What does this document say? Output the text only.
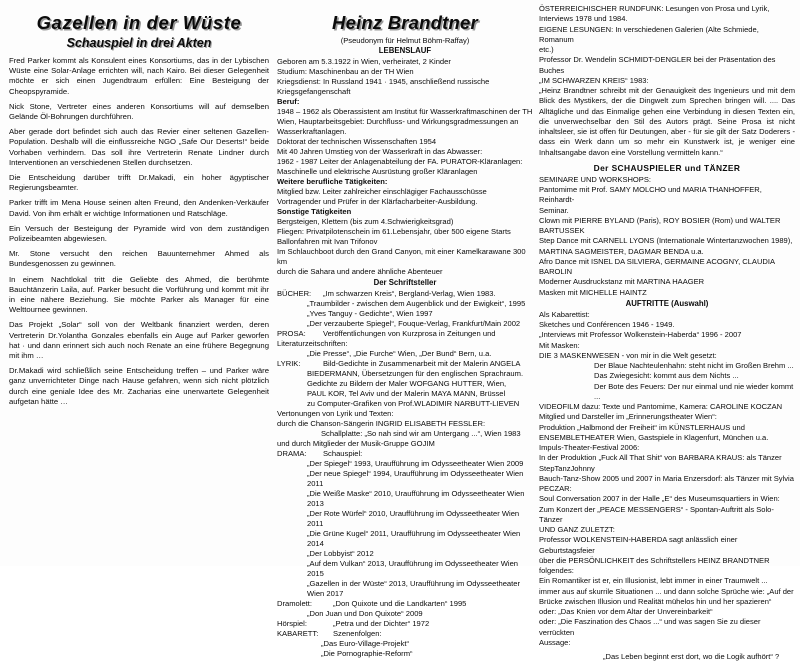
Gazellen in der Wüste
Schauspiel in drei Akten

Fred Parker kommt als Konsulent eines Konsortiums, das in der Lybischen Wüste eine Solar-Anlage errichten will, nach Kairo. Bei dieser Gelegenheit möchte er sich einen Jugendtraum erfüllen: Eine Besteigung der Cheopspyramide.

Nick Stone, Vertreter eines anderen Konsortiums will auf demselben Gelände Öl-Bohrungen durchführen.

Aber gerade dort befindet sich auch das Revier einer seltenen Gazellen-Population. Deshalb will die einflussreiche NGO „Safe Our Deserts!“ beide Vorhaben verhindern. Das soll ihre Vertreterin Renate Lindner durch Interventionen an verschiedenen Stellen durchsetzen.

Die Entscheidung darüber trifft Dr.Makadi, ein hoher ägyptischer Regierungsbeamter.

Parker trifft im Mena House seinen alten Freund, den Andenken-Verkäufer David. Von ihm erhält er wichtige Informationen und Ratschläge.

Ein Versuch der Besteigung der Pyramide wird von dem zuständigen Polizeibeamten abgewiesen.

Mr. Stone versucht den reichen Bauunternehmer Ahmed als Bundesgenossen zu gewinnen.

In einem Nachtlokal tritt die Geliebte des Ahmed, die berühmte Bauchtänzerin Laila, auf. Parker besucht die Vorführung und kommt mit ihr in eine nähere Beziehung. Sie möchte Parker als Manager für eine Welttournee gewinnen.

Das Projekt „Solar“ soll von der Weltbank finanziert werden, deren Vertreterin Dr.Yolantha Gonzales ebenfalls ein Auge auf Parker geworfen hat · und dann erinnert sich auch noch Renate an eine frühere Begegnung mit ihm …

Dr.Makadi wird schließlich seine Entscheidung treffen – und Parker wäre ganz unverrichteter Dinge nach Hause gefahren, wenn sich nicht plötzlich durch eine geniale Idee des Mr. Zacharias eine unerwartete Gelegenheit aufgetan hätte …

Heinz Brandtner
(Pseudonym für Helmut Böhm-Raffay)
LEBENSLAUF
Geboren am 5.3.1922 in Wien, verheiratet, 2 Kinder
Studium: Maschinenbau an der TH Wien
Kriegsdienst: In Russland 1941 · 1945, anschließend russische
Kriegsgefangenschaft
Beruf:
1948 – 1962 als Oberassistent am Institut für Wasserkraftmaschinen der TH
Wien, Hauptarbeitsgebiet: Durchfluss- und Wirkungsgradmessungen an
Wasserkraftanlagen.
Doktorat der technischen Wissenschaften 1954
Mit 40 Jahren Umstieg von der Wasserkraft in das Abwasser:
1962 - 1987 Leiter der Anlagenabteilung der FA. PURATOR-Kläranlagen:
Maschinelle und elektrische Ausrüstung großer Kläranlagen
Weitere berufliche Tätigkeiten:
Mitglied bzw. Leiter zahlreicher einschlägiger Fachausschüsse
Vortragender und Prüfer in der Klärfacharbeiter-Ausbildung.
Sonstige Tätigkeiten
Bergsteigen, Klettern (bis zum 4.Schwierigkeitsgrad)
Fliegen: Privatpilotenschein im 61.Lebensjahr, über 500 eigene Starts
Ballonfahren mit Ivan Trifonov
Im Schlauchboot durch den Grand Canyon, mit einer Kamelkarawane 300 km
durch die Sahara und andere ähnliche Abenteuer
Der Schriftsteller
BÜCHER:	„Im schwarzen Kreis“, Bergland-Verlag, Wien 1983.
„Traumbilder - zwischen dem Augenblick und der Ewigkeit“, 1995
„Yves Tanguy - Gedichte“, Wien 1997
„Der verzauberte Spiegel“, Fouque-Verlag, Frankfurt/Main 2002
PROSA:	Veröffentlichungen von Kurzprosa in Zeitungen und
Literaturzeitschriften:
„Die Presse“, „Die Furche“ Wien, „Der Bund“ Bern, u.a.
LYRIK:	Bild-Gedichte in Zusammenarbeit mit der Malerin ANGELA
BIEDERMANN, Übersetzungen für den englischen Sprachraum.
Gedichte zu Bildern der Maler WOFGANG HUTTER, Wien,
PAUL KOR, Tel Aviv und der Malerin MAYA MANN, Brüssel
zu Computer-Grafiken von Prof.WLADIMIR NARBUTT-LIEVEN
Vertonungen von Lyrik und Texten:
durch die Chanson-Sängerin INGRID ELISABETH FESSLER:
Schallplatte: „So nah sind wir am Untergang ...“, Wien 1983
und durch Mitglieder der Musik-Gruppe GOJIM
DRAMA:	Schauspiel:
„Der Spiegel“ 1993, Uraufführung im Odysseetheater Wien 2009
„Der neue Spiegel“ 1994, Uraufführung im Odysseetheater Wien 2011
„Die Weiße Maske“ 2010, Uraufführung im Odysseetheater Wien 2013
„Der Rote Würfel“ 2010, Uraufführung im Odysseetheater Wien 2011
„Die Grüne Kugel“ 2011, Uraufführung im Odysseetheater Wien 2014
„Der Lobbyist“ 2012
„Auf dem Vulkan“ 2013, Uraufführung im Odysseetheater Wien 2015
„Gazellen in der Wüste“ 2013, Uraufführung im Odysseetheater Wien 2017
Dramolett:	„Don Quixote und die Landkarten“ 1995
„Don Juan und Don Quixote“ 2009
Hörspiel:	„Petra und der Dichter“ 1972
KABARETT:	Szenenfolgen:
„Das Euro-Village-Projekt“
„Die Pornographie-Reform“
ÖSTERREICHISCHER RUNDFUNK: Lesungen von Prosa und Lyrik,
Interviews 1978 und 1984.
EIGENE LESUNGEN: In verschiedenen Galerien (Alte Schmiede, Romanum
etc.)
Professor Dr. Wendelin SCHMIDT-DENGLER bei der Präsentation des Buches
„IM SCHWARZEN KREIS“ 1983:

„Heinz Brandtner schreibt mit der Genauigkeit des Ingenieurs und mit dem Blick des Mystikers, der die Dingwelt zum Sprechen bringen will. .... Das Alltägliche und das Einmalige gehen eine Verbindung in diesen Texten ein, die unverwechselbar den Stil des Autors prägt. Seine Prosa ist nicht inhaltsleer, sie ist offen für Deutungen, aber - für sie gilt der Satz Doderers - dass ein Werk dann um so mehr ein Kunstwerk ist, je weniger eine Inhaltsangabe davon eine Vorstellung vermitteln kann.“

Der SCHAUSPIELER und TÄNZER
SEMINARE UND WORKSHOPS:
Pantomime mit Prof. SAMY MOLCHO und MARIA THANHOFFER, Reinhardt-
Seminar.
Clown mit PIERRE BYLAND (Paris), ROY BOSIER (Rom) und WALTER
BARTUSSEK
Step Dance mit CARNELL LYONS (Internationale Wintertanzwochen 1989),
MARTINA SAGMEISTER, DAGMAR BENDA u.a.
Afro Dance mit ISNEL DA SILVIERA, GERMAINE ACOGNY, CLAUDIA
BAROLIN
Moderner Ausdruckstanz mit MARTINA HAAGER
Masken mit MICHELLE HAINTZ
AUFTRITTE (Auswahl)
Als Kabarettist:
Sketches und Conférencen 1946 - 1949.
„Interviews mit Professor Wolkenstein-Haberda“ 1996 - 2007
Mit Masken:
DIE 3 MASKENWESEN - von mir in die Welt gesetzt:
Der Blaue Nachteulenhahn: steht nicht im Großen Brehm ...
Das Zwiegesicht: kommt aus dem Nichts ...
Der Bote des Feuers: Der nur einmal und nie wieder kommt ...
VIDEOFILM dazu: Texte und Pantomime, Kamera: CAROLINE KOCZAN
Mitglied und Darsteller im „Erinnerungstheater Wien“:
Produktion „Halbmond der Freiheit“ im KÜNSTLERHAUS und
ENSEMBLETHEATER Wien, Gastspiele in Klagenfurt, München u.a.
Impuls-Theater-Festival 2006:
In der Produktion „Fuck All That Shit“ von BARBARA KRAUS: als Tänzer
StepTanzJohnny
Bauch-Tanz-Show 2005 und 2007 in Maria Enzersdorf: als Tänzer mit Sylvia
PECZAR:
Soul Conversation 2007 in der Halle „E“ des Museumsquartiers in Wien:
Zum Konzert der „PEACE MESSENGERS“ - Spontan-Auftritt als Solo-Tänzer
UND GANZ ZULETZT:
Professor WOLKENSTEIN-HABERDA sagt anlässlich einer Geburtstagsfeier
über die PERSÖNLICHKEIT des Schriftstellers HEINZ BRANDTNER folgendes:
Ein Romantiker ist er, ein Illusionist, lebt immer in einer Traumwelt ...
immer aus auf skurrile Situationen ... und dann solche Sprüche wie: „Auf der
Brücke zwischen Illusion und Realität mühelos hin und her spazieren“
oder: „Das Knien vor dem Altar der Unvereinbarkeit“
oder: „Die Faszination des Chaos ...“ und was sagen Sie zu dieser verrückten
Aussage:
„Das Leben beginnt erst dort, wo die Logik aufhört“ ?
